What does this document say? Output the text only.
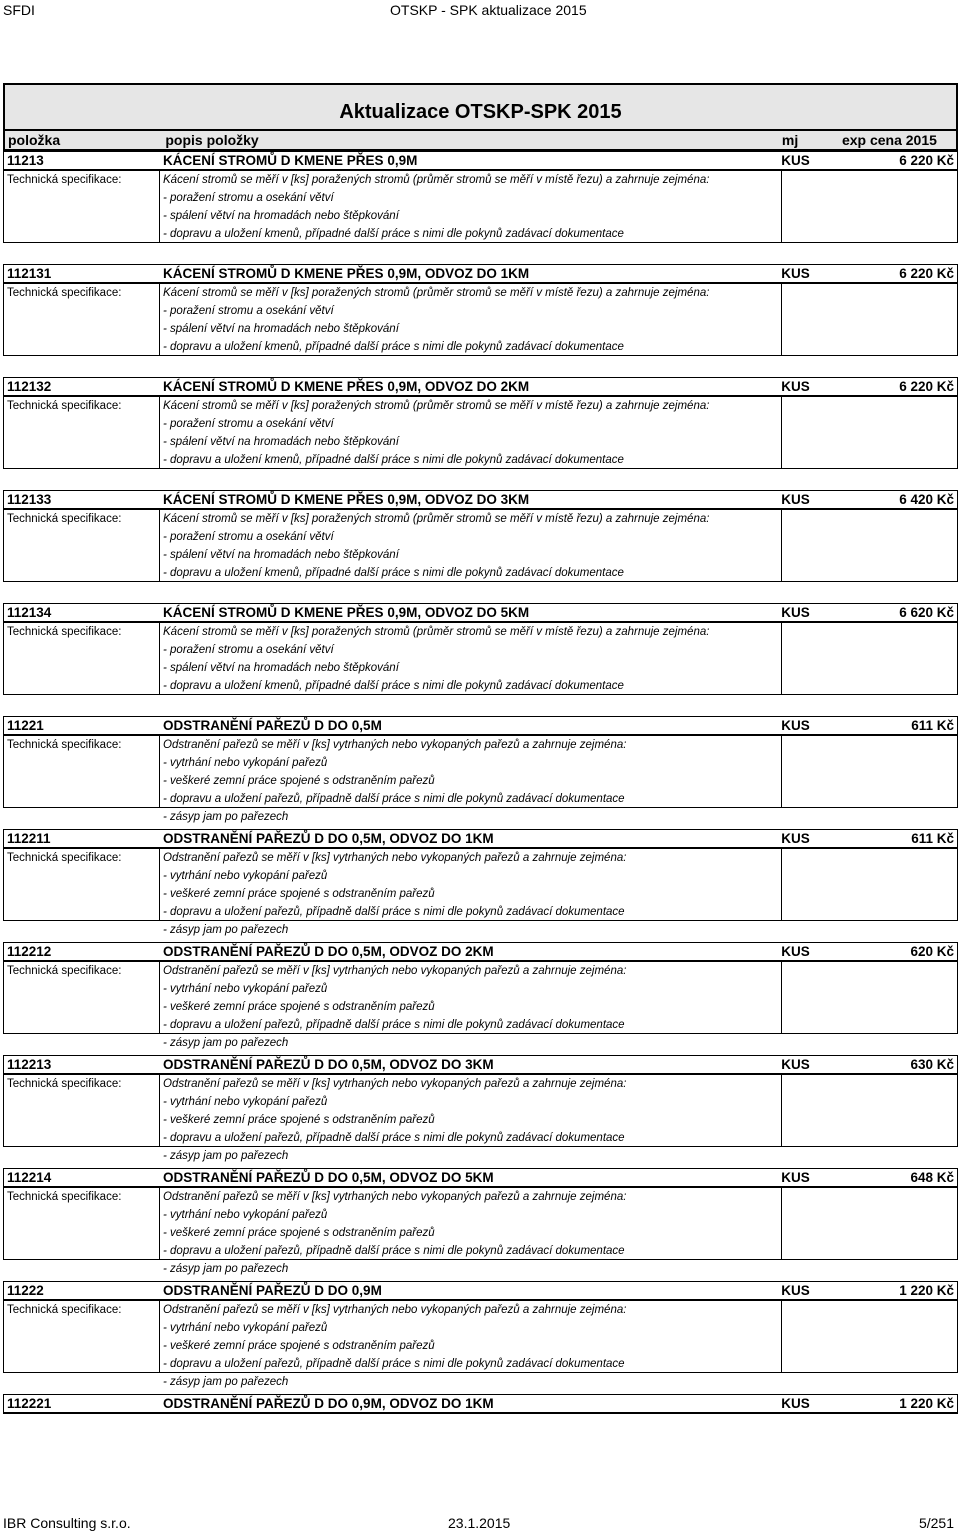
SFDI	OTSKP - SPK aktualizace 2015
Aktualizace OTSKP-SPK 2015
položka	popis položky	mj	exp cena 2015
11213	KÁCENÍ STROMŮ D KMENE PŘES 0,9M	KUS	6 220 Kč
Technická specifikace:	Kácení stromů se měří v [ks] poražených stromů (průměr stromů se měří v místě řezu) a zahrnuje zejména:
- poražení stromu a osekání větví
- spálení větví na hromadách nebo štěpkování
- dopravu a uložení kmenů, případné další práce s nimi dle pokynů zadávací dokumentace
112131	KÁCENÍ STROMŮ D KMENE PŘES 0,9M, ODVOZ DO 1KM	KUS	6 220 Kč
Technická specifikace:	Kácení stromů se měří v [ks] poražených stromů (průměr stromů se měří v místě řezu) a zahrnuje zejména:
- poražení stromu a osekání větví
- spálení větví na hromadách nebo štěpkování
- dopravu a uložení kmenů, případné další práce s nimi dle pokynů zadávací dokumentace
112132	KÁCENÍ STROMŮ D KMENE PŘES 0,9M, ODVOZ DO 2KM	KUS	6 220 Kč
Technická specifikace:	Kácení stromů se měří v [ks] poražených stromů (průměr stromů se měří v místě řezu) a zahrnuje zejména:
- poražení stromu a osekání větví
- spálení větví na hromadách nebo štěpkování
- dopravu a uložení kmenů, případné další práce s nimi dle pokynů zadávací dokumentace
112133	KÁCENÍ STROMŮ D KMENE PŘES 0,9M, ODVOZ DO 3KM	KUS	6 420 Kč
Technická specifikace:	Kácení stromů se měří v [ks] poražených stromů (průměr stromů se měří v místě řezu) a zahrnuje zejména:
- poražení stromu a osekání větví
- spálení větví na hromadách nebo štěpkování
- dopravu a uložení kmenů, případné další práce s nimi dle pokynů zadávací dokumentace
112134	KÁCENÍ STROMŮ D KMENE PŘES 0,9M, ODVOZ DO 5KM	KUS	6 620 Kč
Technická specifikace:	Kácení stromů se měří v [ks] poražených stromů (průměr stromů se měří v místě řezu) a zahrnuje zejména:
- poražení stromu a osekání větví
- spálení větví na hromadách nebo štěpkování
- dopravu a uložení kmenů, případné další práce s nimi dle pokynů zadávací dokumentace
11221	ODSTRANĚNÍ PAŘEZŮ D DO 0,5M	KUS	611 Kč
Technická specifikace:	Odstranění pařezů se měří v [ks] vytrhaných nebo vykopaných pařezů a zahrnuje zejména:
- vytrhání nebo vykopání pařezů
- veškeré zemní práce spojené s odstraněním pařezů
- dopravu a uložení pařezů, případně další práce s nimi dle pokynů zadávací dokumentace
- zásyp jam po pařezech
112211	ODSTRANĚNÍ PAŘEZŮ D DO 0,5M, ODVOZ DO 1KM	KUS	611 Kč
Technická specifikace:	Odstranění pařezů se měří v [ks] vytrhaných nebo vykopaných pařezů a zahrnuje zejména:
- vytrhání nebo vykopání pařezů
- veškeré zemní práce spojené s odstraněním pařezů
- dopravu a uložení pařezů, případně další práce s nimi dle pokynů zadávací dokumentace
- zásyp jam po pařezech
112212	ODSTRANĚNÍ PAŘEZŮ D DO 0,5M, ODVOZ DO 2KM	KUS	620 Kč
Technická specifikace:	Odstranění pařezů se měří v [ks] vytrhaných nebo vykopaných pařezů a zahrnuje zejména:
- vytrhání nebo vykopání pařezů
- veškeré zemní práce spojené s odstraněním pařezů
- dopravu a uložení pařezů, případně další práce s nimi dle pokynů zadávací dokumentace
- zásyp jam po pařezech
112213	ODSTRANĚNÍ PAŘEZŮ D DO 0,5M, ODVOZ DO 3KM	KUS	630 Kč
Technická specifikace:	Odstranění pařezů se měří v [ks] vytrhaných nebo vykopaných pařezů a zahrnuje zejména:
- vytrhání nebo vykopání pařezů
- veškeré zemní práce spojené s odstraněním pařezů
- dopravu a uložení pařezů, případně další práce s nimi dle pokynů zadávací dokumentace
- zásyp jam po pařezech
112214	ODSTRANĚNÍ PAŘEZŮ D DO 0,5M, ODVOZ DO 5KM	KUS	648 Kč
Technická specifikace:	Odstranění pařezů se měří v [ks] vytrhaných nebo vykopaných pařezů a zahrnuje zejména:
- vytrhání nebo vykopání pařezů
- veškeré zemní práce spojené s odstraněním pařezů
- dopravu a uložení pařezů, případně další práce s nimi dle pokynů zadávací dokumentace
- zásyp jam po pařezech
11222	ODSTRANĚNÍ PAŘEZŮ D DO 0,9M	KUS	1 220 Kč
Technická specifikace:	Odstranění pařezů se měří v [ks] vytrhaných nebo vykopaných pařezů a zahrnuje zejména:
- vytrhání nebo vykopání pařezů
- veškeré zemní práce spojené s odstraněním pařezů
- dopravu a uložení pařezů, případně další práce s nimi dle pokynů zadávací dokumentace
- zásyp jam po pařezech
112221	ODSTRANĚNÍ PAŘEZŮ D DO 0,9M, ODVOZ DO 1KM	KUS	1 220 Kč
IBR Consulting s.r.o.	23.1.2015	5/251
